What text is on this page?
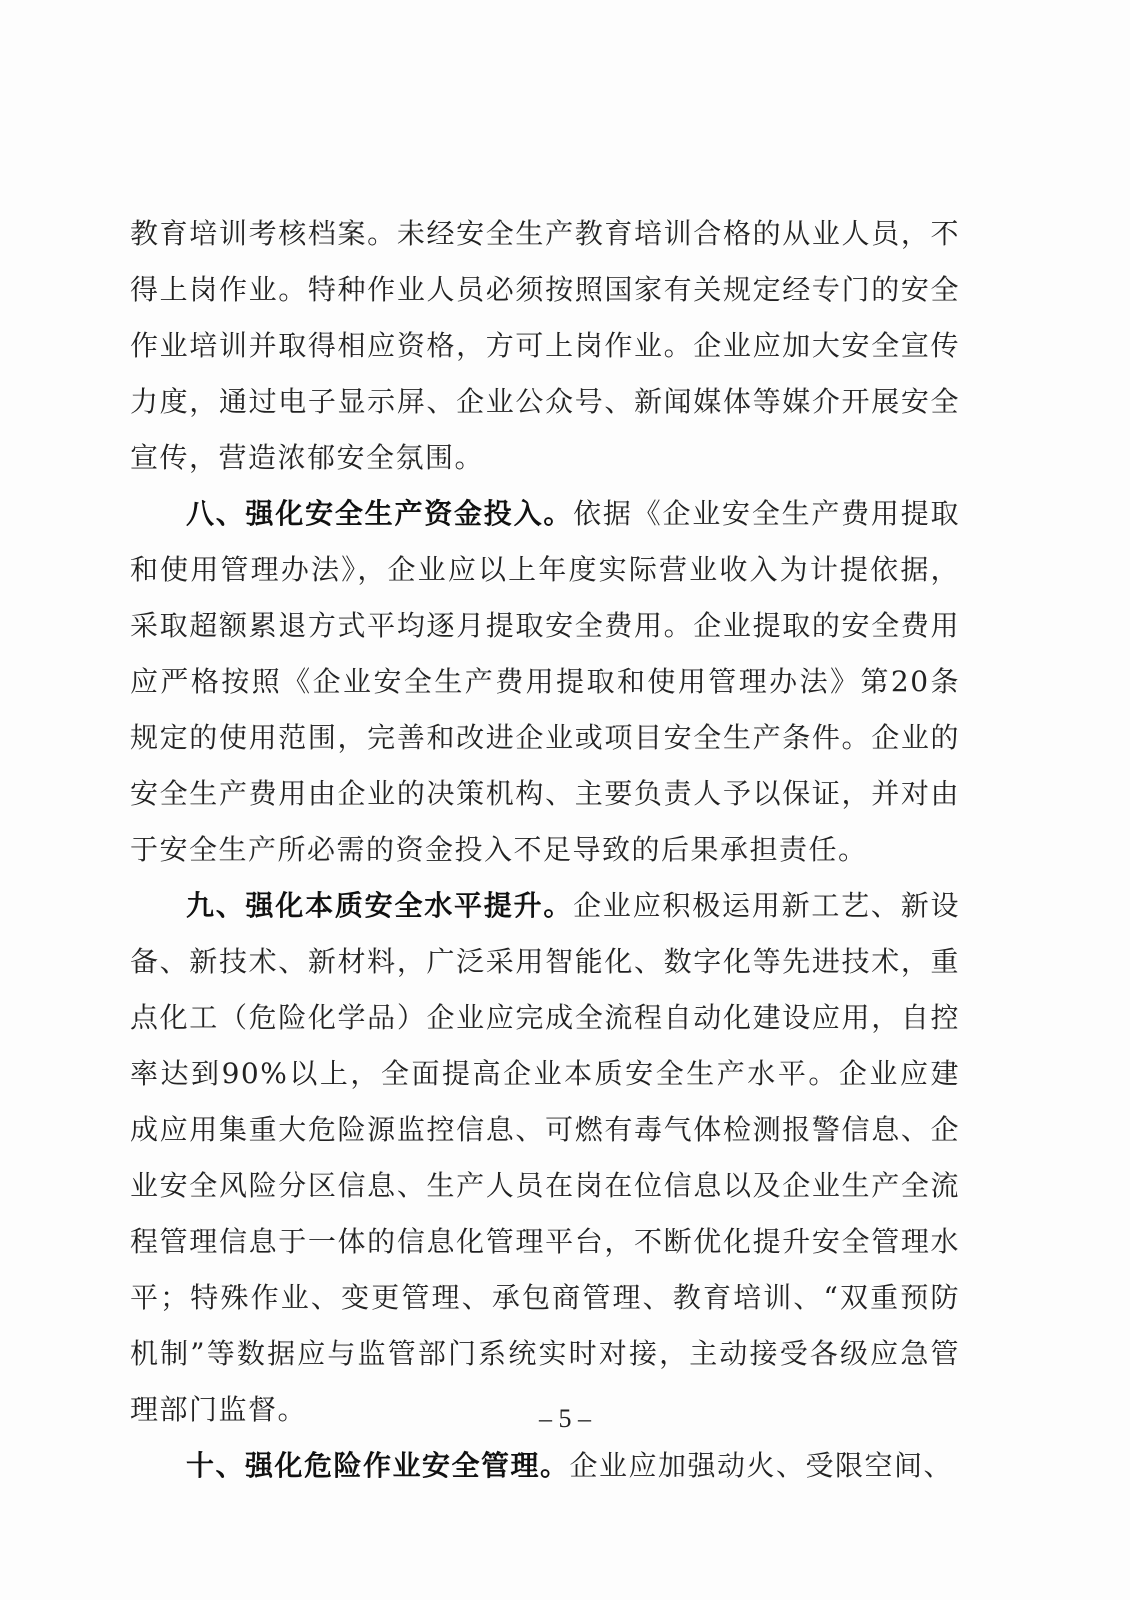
教育培训考核档案。未经安全生产教育培训合格的从业人员，不得上岗作业。特种作业人员必须按照国家有关规定经专门的安全作业培训并取得相应资格，方可上岗作业。企业应加大安全宣传力度，通过电子显示屏、企业公众号、新闻媒体等媒介开展安全宣传，营造浓郁安全氛围。

八、强化安全生产资金投入。依据《企业安全生产费用提取和使用管理办法》，企业应以上年度实际营业收入为计提依据，采取超额累退方式平均逐月提取安全费用。企业提取的安全费用应严格按照《企业安全生产费用提取和使用管理办法》第20条规定的使用范围，完善和改进企业或项目安全生产条件。企业的安全生产费用由企业的决策机构、主要负责人予以保证，并对由于安全生产所必需的资金投入不足导致的后果承担责任。

九、强化本质安全水平提升。企业应积极运用新工艺、新设备、新技术、新材料，广泛采用智能化、数字化等先进技术，重点化工（危险化学品）企业应完成全流程自动化建设应用，自控率达到90%以上，全面提高企业本质安全生产水平。企业应建成应用集重大危险源监控信息、可燃有毒气体检测报警信息、企业安全风险分区信息、生产人员在岗在位信息以及企业生产全流程管理信息于一体的信息化管理平台，不断优化提升安全管理水平；特殊作业、变更管理、承包商管理、教育培训、“双重预防机制”等数据应与监管部门系统实时对接，主动接受各级应急管理部门监督。

十、强化危险作业安全管理。企业应加强动火、受限空间、

– 5 –
